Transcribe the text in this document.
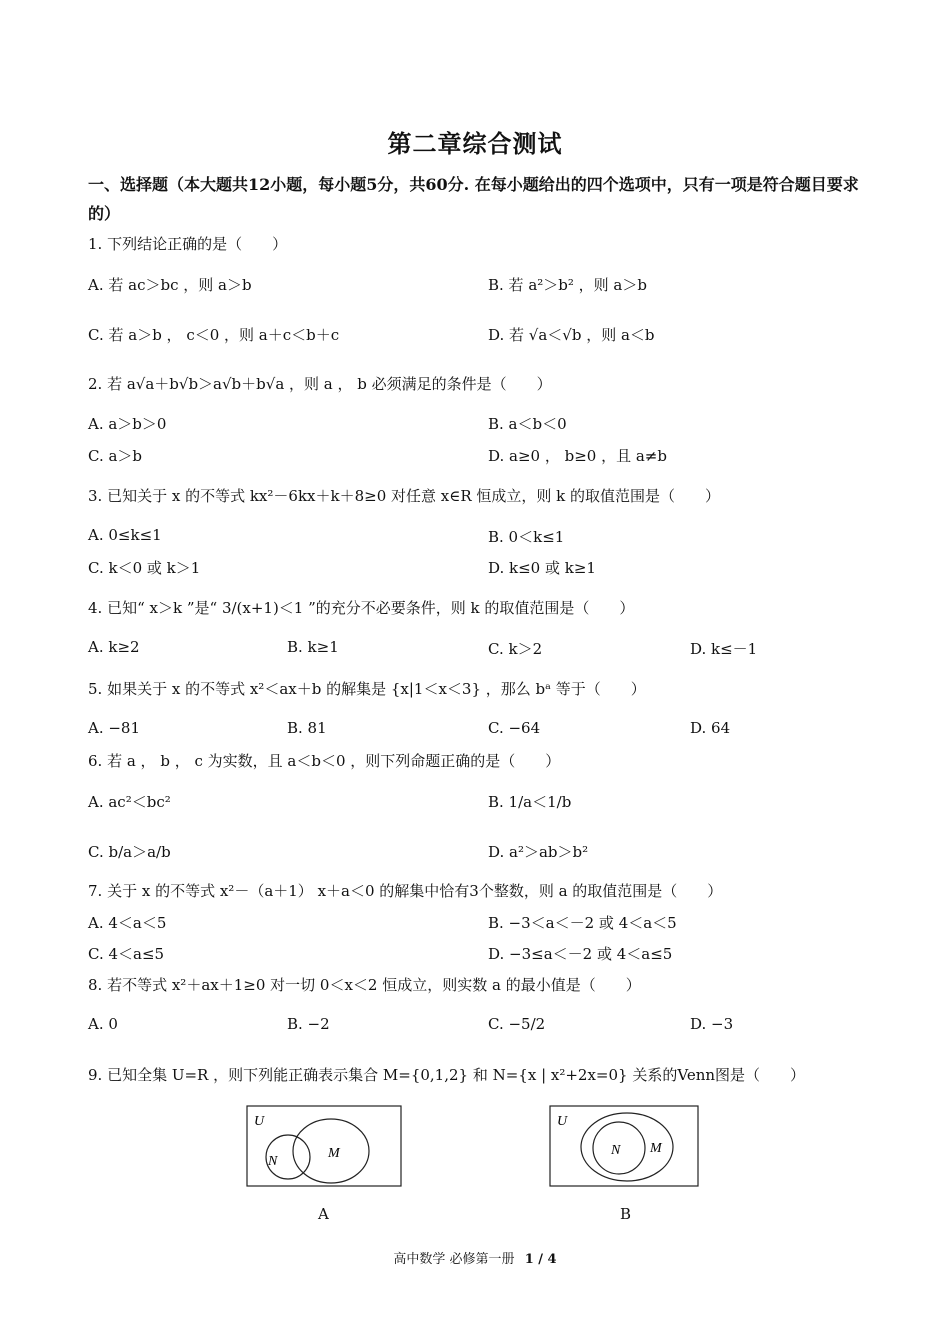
第二章综合测试
一、选择题（本大题共12小题，每小题5分，共60分. 在每小题给出的四个选项中，只有一项是符合题目要求
的）
1. 下列结论正确的是（　　）
A. 若 ac＞bc ，则 a＞b	B. 若 a²＞b² ，则 a＞b
C. 若 a＞b ， c＜0 ，则 a＋c＜b＋c	D. 若 √a＜√b ，则 a＜b
2. 若 a√a＋b√b＞a√b＋b√a ，则 a ， b 必须满足的条件是（　　）
A. a＞b＞0	B. a＜b＜0
C. a＞b	D. a≥0 ， b≥0 ，且 a≠b
3. 已知关于 x 的不等式 kx²－6kx＋k＋8≥0 对任意 x∈R 恒成立，则 k 的取值范围是（　　）
A. 0≤k≤1	B. 0＜k≤1
C. k＜0 或 k＞1	D. k≤0 或 k≥1
4. 已知“ x＞k ”是“ 3/(x+1)＜1 ”的充分不必要条件，则 k 的取值范围是（　　）
A. k≥2	B. k≥1	C. k＞2	D. k≤－1
5. 如果关于 x 的不等式 x²＜ax＋b 的解集是 {x|1＜x＜3} ，那么 bᵃ 等于（　　）
A. −81	B. 81	C. −64	D. 64
6. 若 a ， b ， c 为实数，且 a＜b＜0 ，则下列命题正确的是（　　）
A. ac²＜bc²	B. 1/a＜1/b
C. b/a＞a/b	D. a²＞ab＞b²
7. 关于 x 的不等式 x²－（a＋1） x＋a＜0 的解集中恰有3个整数，则 a 的取值范围是（　　）
A. 4＜a＜5	B. −3＜a＜－2 或 4＜a＜5
C. 4＜a≤5	D. −3≤a＜－2 或 4＜a≤5
8. 若不等式 x²＋ax＋1≥0 对一切 0＜x＜2 恒成立，则实数 a 的最小值是（　　）
A. 0	B. −2	C. −5/2	D. −3
9. 已知全集 U=R ，则下列能正确表示集合 M={0,1,2} 和 N={x | x²+2x=0} 关系的Venn图是（　　）
U
N
M
A
U
N M
B
高中数学 必修第一册 1 / 4
